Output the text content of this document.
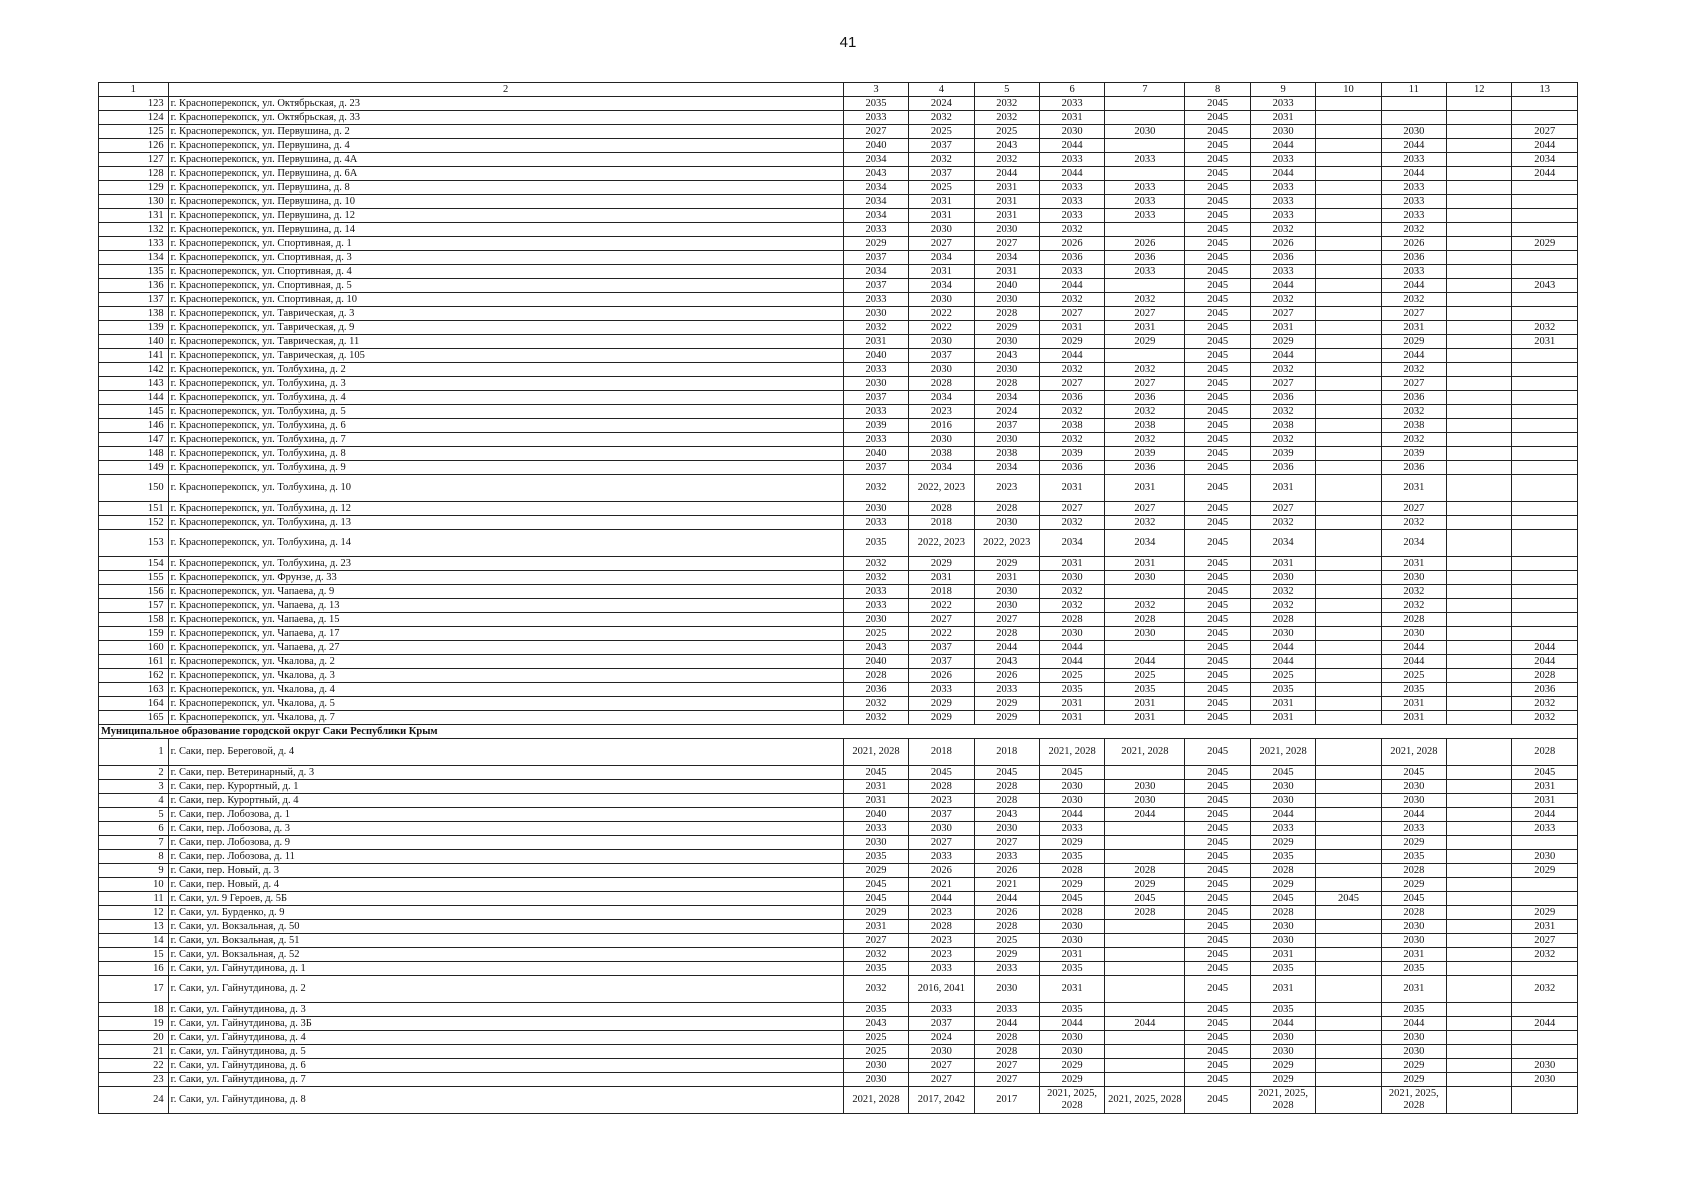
41
1	2	3	4	5	6	7	8	9	10	11	12	13
123	г. Красноперекопск, ул. Октябрьская, д. 23	2035	2024	2032	2033		2045	2033				
124	г. Красноперекопск, ул. Октябрьская, д. 33	2033	2032	2032	2031		2045	2031				
125	г. Красноперекопск, ул. Первушина, д. 2	2027	2025	2025	2030	2030	2045	2030		2030		2027
126	г. Красноперекопск, ул. Первушина, д. 4	2040	2037	2043	2044		2045	2044		2044		2044
127	г. Красноперекопск, ул. Первушина, д. 4А	2034	2032	2032	2033	2033	2045	2033		2033		2034
128	г. Красноперекопск, ул. Первушина, д. 6А	2043	2037	2044	2044		2045	2044		2044		2044
129	г. Красноперекопск, ул. Первушина, д. 8	2034	2025	2031	2033	2033	2045	2033		2033		
130	г. Красноперекопск, ул. Первушина, д. 10	2034	2031	2031	2033	2033	2045	2033		2033		
131	г. Красноперекопск, ул. Первушина, д. 12	2034	2031	2031	2033	2033	2045	2033		2033		
132	г. Красноперекопск, ул. Первушина, д. 14	2033	2030	2030	2032		2045	2032		2032		
133	г. Красноперекопск, ул. Спортивная, д. 1	2029	2027	2027	2026	2026	2045	2026		2026		2029
134	г. Красноперекопск, ул. Спортивная, д. 3	2037	2034	2034	2036	2036	2045	2036		2036		
135	г. Красноперекопск, ул. Спортивная, д. 4	2034	2031	2031	2033	2033	2045	2033		2033		
136	г. Красноперекопск, ул. Спортивная, д. 5	2037	2034	2040	2044		2045	2044		2044		2043
137	г. Красноперекопск, ул. Спортивная, д. 10	2033	2030	2030	2032	2032	2045	2032		2032		
138	г. Красноперекопск, ул. Таврическая, д. 3	2030	2022	2028	2027	2027	2045	2027		2027		
139	г. Красноперекопск, ул. Таврическая, д. 9	2032	2022	2029	2031	2031	2045	2031		2031		2032
140	г. Красноперекопск, ул. Таврическая, д. 11	2031	2030	2030	2029	2029	2045	2029		2029		2031
141	г. Красноперекопск, ул. Таврическая, д. 105	2040	2037	2043	2044		2045	2044		2044		
142	г. Красноперекопск, ул. Толбухина, д. 2	2033	2030	2030	2032	2032	2045	2032		2032		
143	г. Красноперекопск, ул. Толбухина, д. 3	2030	2028	2028	2027	2027	2045	2027		2027		
144	г. Красноперекопск, ул. Толбухина, д. 4	2037	2034	2034	2036	2036	2045	2036		2036		
145	г. Красноперекопск, ул. Толбухина, д. 5	2033	2023	2024	2032	2032	2045	2032		2032		
146	г. Красноперекопск, ул. Толбухина, д. 6	2039	2016	2037	2038	2038	2045	2038		2038		
147	г. Красноперекопск, ул. Толбухина, д. 7	2033	2030	2030	2032	2032	2045	2032		2032		
148	г. Красноперекопск, ул. Толбухина, д. 8	2040	2038	2038	2039	2039	2045	2039		2039		
149	г. Красноперекопск, ул. Толбухина, д. 9	2037	2034	2034	2036	2036	2045	2036		2036		
150	г. Красноперекопск, ул. Толбухина, д. 10	2032	2022, 2023	2023	2031	2031	2045	2031		2031		
151	г. Красноперекопск, ул. Толбухина, д. 12	2030	2028	2028	2027	2027	2045	2027		2027		
152	г. Красноперекопск, ул. Толбухина, д. 13	2033	2018	2030	2032	2032	2045	2032		2032		
153	г. Красноперекопск, ул. Толбухина, д. 14	2035	2022, 2023	2022, 2023	2034	2034	2045	2034		2034		
154	г. Красноперекопск, ул. Толбухина, д. 23	2032	2029	2029	2031	2031	2045	2031		2031		
155	г. Красноперекопск, ул. Фрунзе, д. 33	2032	2031	2031	2030	2030	2045	2030		2030		
156	г. Красноперекопск, ул. Чапаева, д. 9	2033	2018	2030	2032		2045	2032		2032		
157	г. Красноперекопск, ул. Чапаева, д. 13	2033	2022	2030	2032	2032	2045	2032		2032		
158	г. Красноперекопск, ул. Чапаева, д. 15	2030	2027	2027	2028	2028	2045	2028		2028		
159	г. Красноперекопск, ул. Чапаева, д. 17	2025	2022	2028	2030	2030	2045	2030		2030		
160	г. Красноперекопск, ул. Чапаева, д. 27	2043	2037	2044	2044		2045	2044		2044		2044
161	г. Красноперекопск, ул. Чкалова, д. 2	2040	2037	2043	2044	2044	2045	2044		2044		2044
162	г. Красноперекопск, ул. Чкалова, д. 3	2028	2026	2026	2025	2025	2045	2025		2025		2028
163	г. Красноперекопск, ул. Чкалова, д. 4	2036	2033	2033	2035	2035	2045	2035		2035		2036
164	г. Красноперекопск, ул. Чкалова, д. 5	2032	2029	2029	2031	2031	2045	2031		2031		2032
165	г. Красноперекопск, ул. Чкалова, д. 7	2032	2029	2029	2031	2031	2045	2031		2031		2032
Муниципальное образование городской округ Саки Республики Крым												
1	г. Саки, пер. Береговой, д. 4	2021, 2028	2018	2018	2021, 2028	2021, 2028	2045	2021, 2028		2021, 2028		2028
2	г. Саки, пер. Ветеринарный, д. 3	2045	2045	2045	2045		2045	2045		2045		2045
3	г. Саки, пер. Курортный, д. 1	2031	2028	2028	2030	2030	2045	2030		2030		2031
4	г. Саки, пер. Курортный, д. 4	2031	2023	2028	2030	2030	2045	2030		2030		2031
5	г. Саки, пер. Лобозова, д. 1	2040	2037	2043	2044	2044	2045	2044		2044		2044
6	г. Саки, пер. Лобозова, д. 3	2033	2030	2030	2033		2045	2033		2033		2033
7	г. Саки, пер. Лобозова, д. 9	2030	2027	2027	2029		2045	2029		2029		
8	г. Саки, пер. Лобозова, д. 11	2035	2033	2033	2035		2045	2035		2035		2030
9	г. Саки, пер. Новый, д. 3	2029	2026	2026	2028	2028	2045	2028		2028		2029
10	г. Саки, пер. Новый, д. 4	2045	2021	2021	2029	2029	2045	2029		2029		
11	г. Саки, ул. 9 Героев, д. 5Б	2045	2044	2044	2045	2045	2045	2045	2045	2045		
12	г. Саки, ул. Бурденко, д. 9	2029	2023	2026	2028	2028	2045	2028		2028		2029
13	г. Саки, ул. Вокзальная, д. 50	2031	2028	2028	2030		2045	2030		2030		2031
14	г. Саки, ул. Вокзальная, д. 51	2027	2023	2025	2030		2045	2030		2030		2027
15	г. Саки, ул. Вокзальная, д. 52	2032	2023	2029	2031		2045	2031		2031		2032
16	г. Саки, ул. Гайнутдинова, д. 1	2035	2033	2033	2035		2045	2035		2035		
17	г. Саки, ул. Гайнутдинова, д. 2	2032	2016, 2041	2030	2031		2045	2031		2031		2032
18	г. Саки, ул. Гайнутдинова, д. 3	2035	2033	2033	2035		2045	2035		2035		
19	г. Саки, ул. Гайнутдинова, д. 3Б	2043	2037	2044	2044	2044	2045	2044		2044		2044
20	г. Саки, ул. Гайнутдинова, д. 4	2025	2024	2028	2030		2045	2030		2030		
21	г. Саки, ул. Гайнутдинова, д. 5	2025	2030	2028	2030		2045	2030		2030		
22	г. Саки, ул. Гайнутдинова, д. 6	2030	2027	2027	2029		2045	2029		2029		2030
23	г. Саки, ул. Гайнутдинова, д. 7	2030	2027	2027	2029		2045	2029		2029		2030
24	г. Саки, ул. Гайнутдинова, д. 8	2021, 2028	2017, 2042	2017	2021, 2025, 2028	2021, 2025, 2028	2045	2021, 2025, 2028		2021, 2025, 2028		
